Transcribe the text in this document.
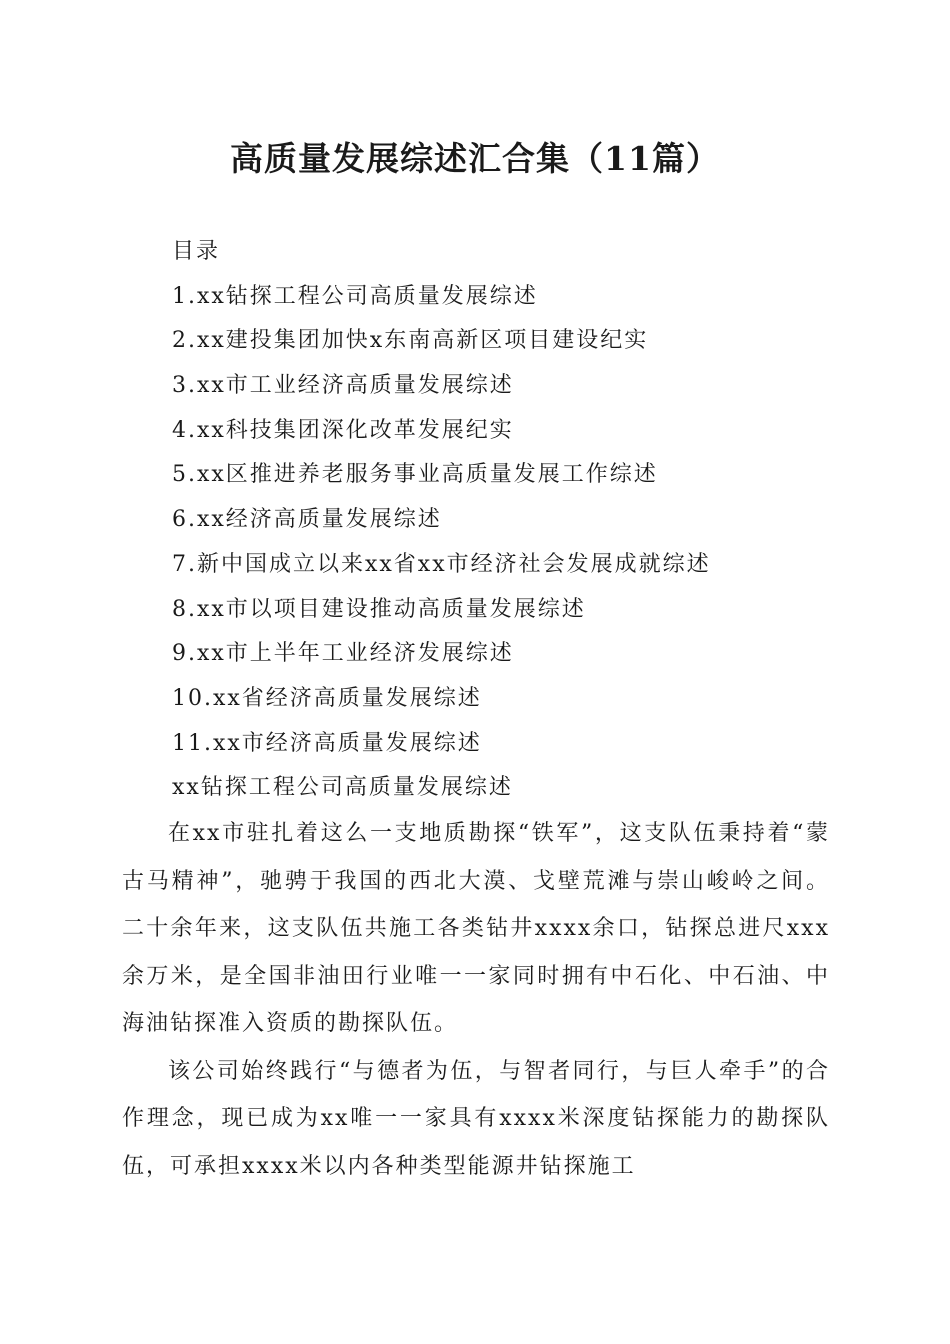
高质量发展综述汇合集（11篇）
目录
1.xx钻探工程公司高质量发展综述
2.xx建投集团加快x东南高新区项目建设纪实
3.xx市工业经济高质量发展综述
4.xx科技集团深化改革发展纪实
5.xx区推进养老服务事业高质量发展工作综述
6.xx经济高质量发展综述
7.新中国成立以来xx省xx市经济社会发展成就综述
8.xx市以项目建设推动高质量发展综述
9.xx市上半年工业经济发展综述
10.xx省经济高质量发展综述
11.xx市经济高质量发展综述
xx钻探工程公司高质量发展综述

在xx市驻扎着这么一支地质勘探“铁军”，这支队伍秉持着“蒙古马精神”，驰骋于我国的西北大漠、戈壁荒滩与崇山峻岭之间。二十余年来，这支队伍共施工各类钻井xxxx余口，钻探总进尺xxx余万米，是全国非油田行业唯一一家同时拥有中石化、中石油、中海油钻探准入资质的勘探队伍。

该公司始终践行“与德者为伍，与智者同行，与巨人牵手”的合作理念，现已成为xx唯一一家具有xxxx米深度钻探能力的勘探队伍，可承担xxxx米以内各种类型能源井钻探施工
